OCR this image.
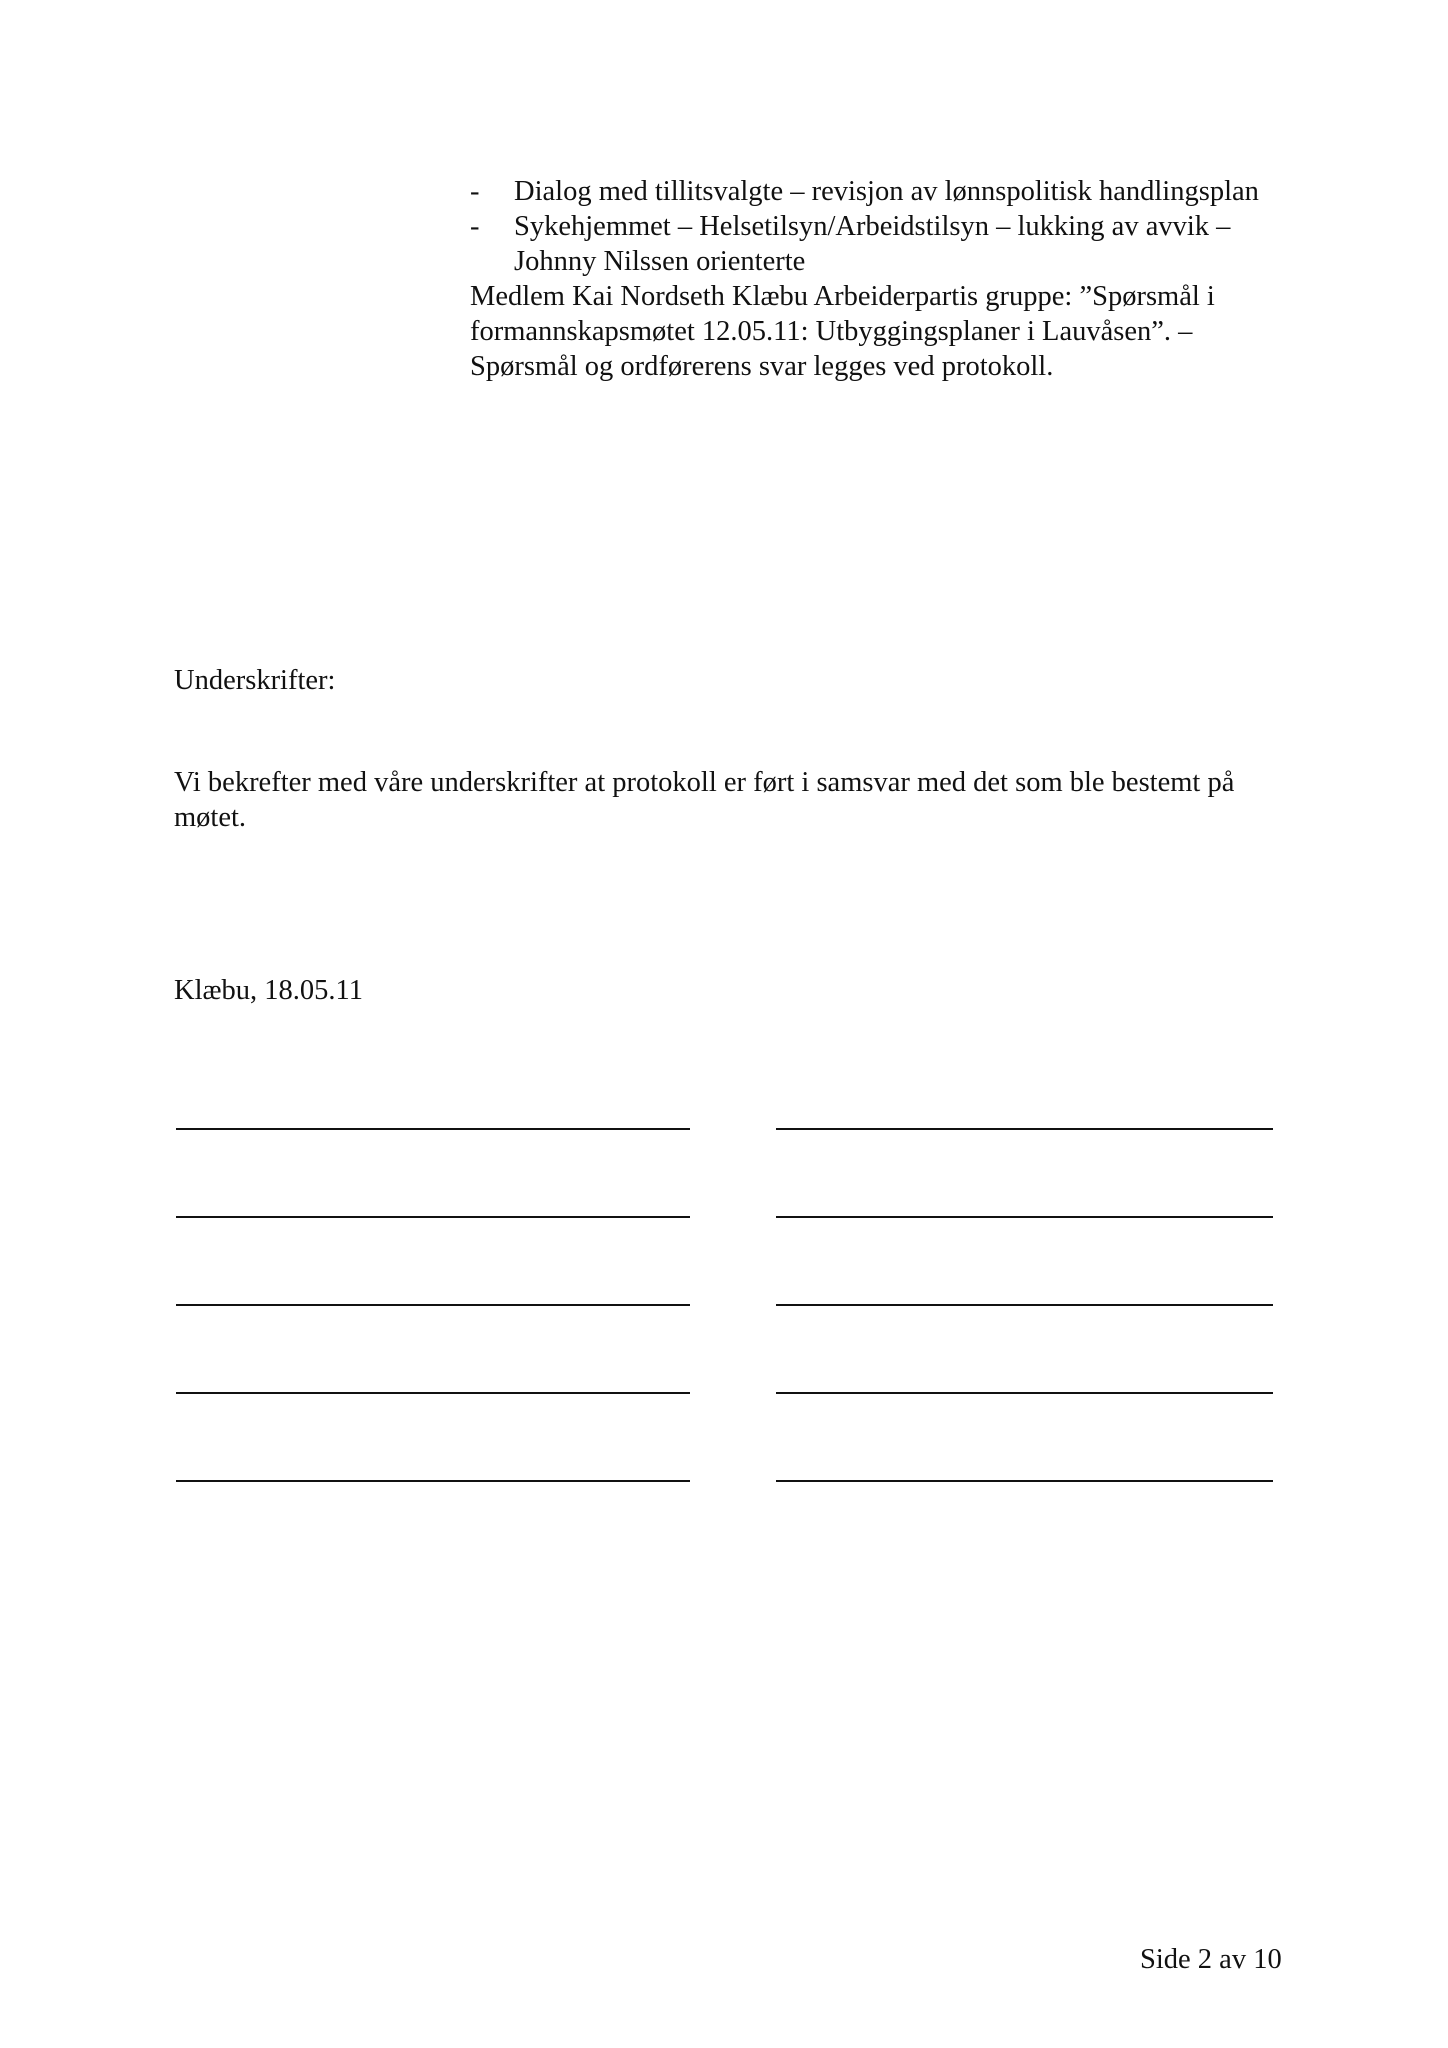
- Dialog med tillitsvalgte – revisjon av lønnspolitisk handlingsplan
- Sykehjemmet – Helsetilsyn/Arbeidstilsyn – lukking av avvik –
Johnny Nilssen orienterte
Medlem Kai Nordseth Klæbu Arbeiderpartis gruppe: ”Spørsmål i
formannskapsmøtet 12.05.11: Utbyggingsplaner i Lauvåsen”. –
Spørsmål og ordførerens svar legges ved protokoll.
Underskrifter:
Vi bekrefter med våre underskrifter at protokoll er ført i samsvar med det som ble bestemt på
møtet.
Klæbu, 18.05.11
Side 2 av 10
